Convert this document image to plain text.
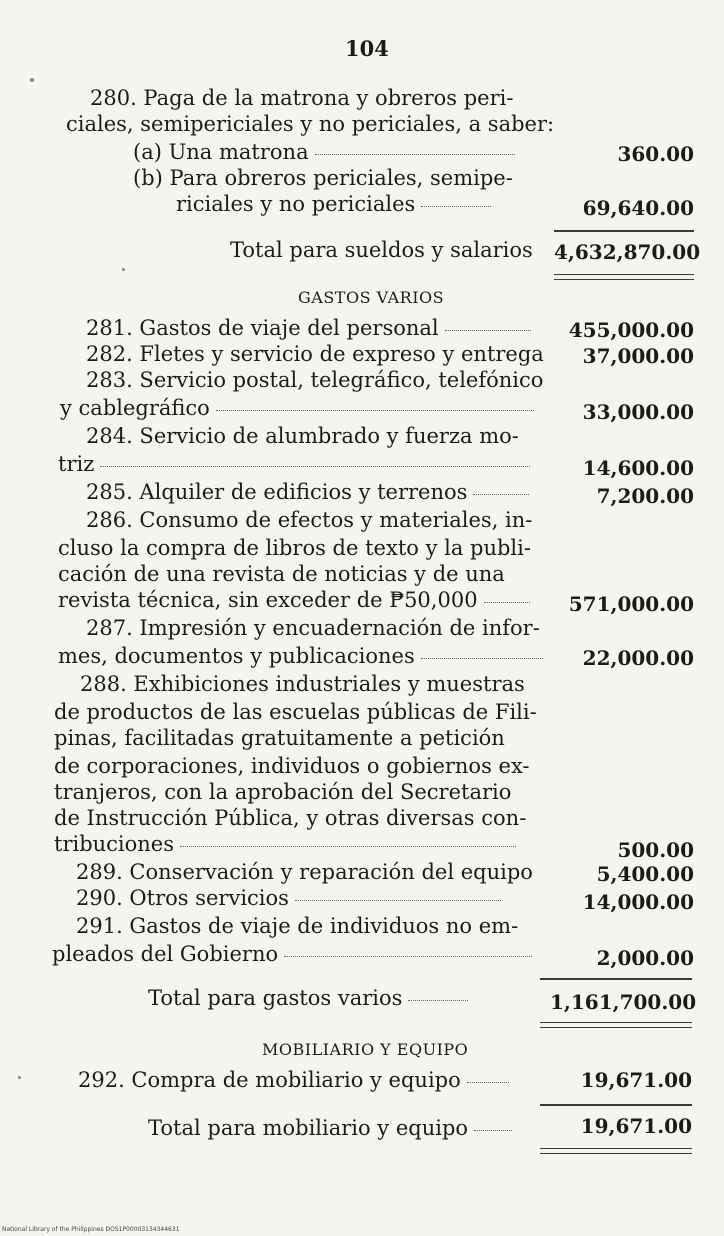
104
280. Paga de la matrona y obreros peri-
ciales, semipericiales y no periciales, a saber:
(a) Una matrona	360.00
(b) Para obreros periciales, semipe-
riciales y no periciales	69,640.00
Total para sueldos y salarios 4,632,870.00
GASTOS VARIOS
281. Gastos de viaje del personal	455,000.00
282. Fletes y servicio de expreso y entrega	37,000.00
283. Servicio postal, telegráfico, telefónico
y cablegráfico	33,000.00
284. Servicio de alumbrado y fuerza mo-
triz	14,600.00
285. Alquiler de edificios y terrenos	7,200.00
286. Consumo de efectos y materiales, in-
cluso la compra de libros de texto y la publi-
cación de una revista de noticias y de una
revista técnica, sin exceder de ₱50,000	571,000.00
287. Impresión y encuadernación de infor-
mes, documentos y publicaciones	22,000.00
288. Exhibiciones industriales y muestras
de productos de las escuelas públicas de Fili-
pinas, facilitadas gratuitamente a petición
de corporaciones, individuos o gobiernos ex-
tranjeros, con la aprobación del Secretario
de Instrucción Pública, y otras diversas con-
tribuciones	500.00
289. Conservación y reparación del equipo	5,400.00
290. Otros servicios	14,000.00
291. Gastos de viaje de individuos no em-
pleados del Gobierno	2,000.00
Total para gastos varios	1,161,700.00
MOBILIARIO Y EQUIPO
292. Compra de mobiliario y equipo	19,671.00
Total para mobiliario y equipo	19,671.00
National Library of the Philippines DOS1P00003134344631
